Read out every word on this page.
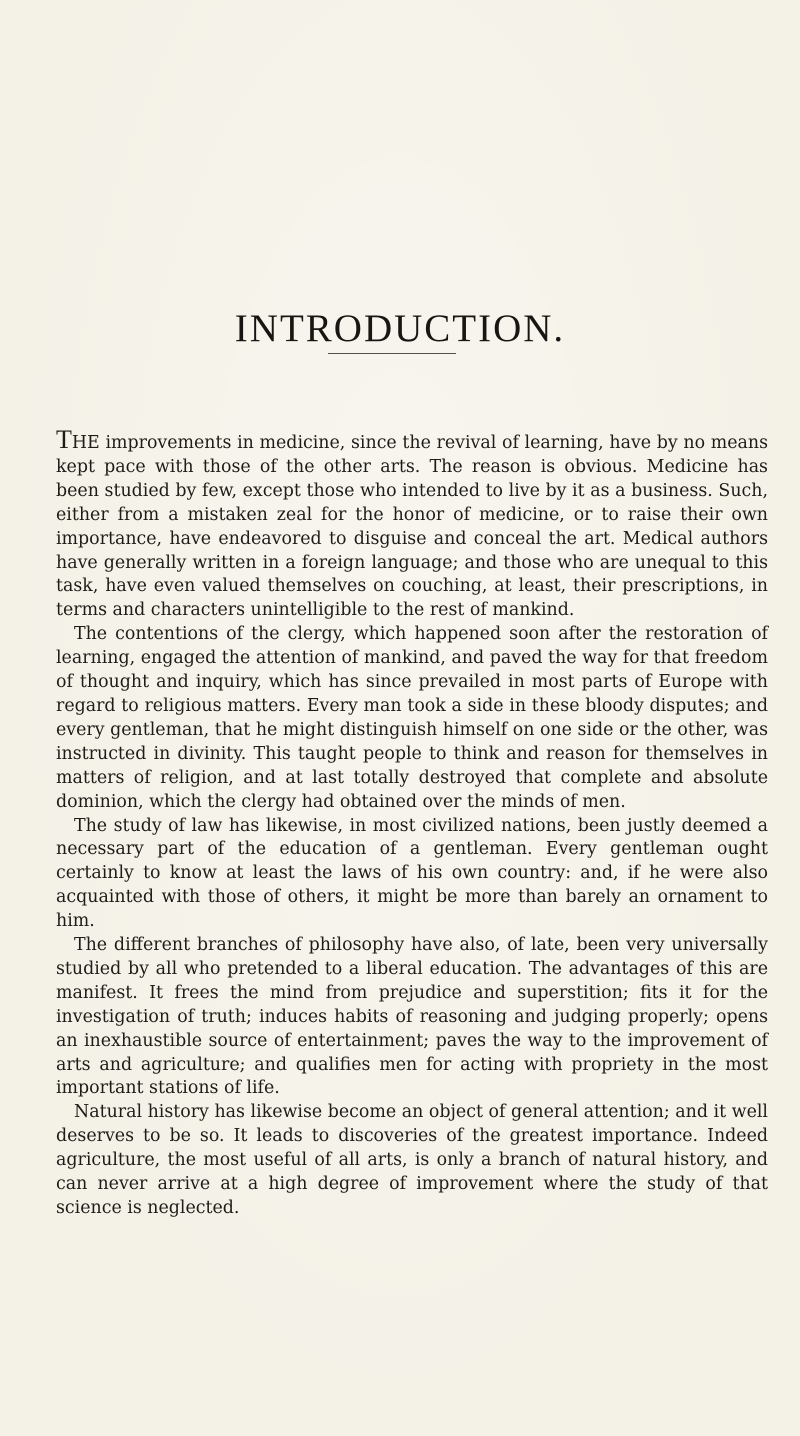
INTRODUCTION.

THE improvements in medicine, since the revival of learning, have by no means kept pace with those of the other arts. The reason is obvious. Medicine has been studied by few, except those who intended to live by it as a business. Such, either from a mistaken zeal for the honor of medicine, or to raise their own importance, have endeavored to disguise and conceal the art. Medical authors have generally written in a foreign language; and those who are unequal to this task, have even valued themselves on couching, at least, their prescriptions, in terms and characters unintelligible to the rest of mankind.

The contentions of the clergy, which happened soon after the restoration of learning, engaged the attention of mankind, and paved the way for that freedom of thought and inquiry, which has since prevailed in most parts of Europe with regard to religious matters. Every man took a side in these bloody disputes; and every gentleman, that he might distinguish himself on one side or the other, was instructed in divinity. This taught people to think and reason for themselves in matters of religion, and at last totally destroyed that complete and absolute dominion, which the clergy had obtained over the minds of men.

The study of law has likewise, in most civilized nations, been justly deemed a necessary part of the education of a gentleman. Every gentleman ought certainly to know at least the laws of his own country: and, if he were also acquainted with those of others, it might be more than barely an ornament to him.

The different branches of philosophy have also, of late, been very universally studied by all who pretended to a liberal education. The advantages of this are manifest. It frees the mind from prejudice and superstition; fits it for the investigation of truth; induces habits of reasoning and judging properly; opens an inexhaustible source of entertainment; paves the way to the improvement of arts and agriculture; and qualifies men for acting with propriety in the most important stations of life.

Natural history has likewise become an object of general attention; and it well deserves to be so. It leads to discoveries of the greatest importance. Indeed agriculture, the most useful of all arts, is only a branch of natural history, and can never arrive at a high degree of improvement where the study of that science is neglected.
